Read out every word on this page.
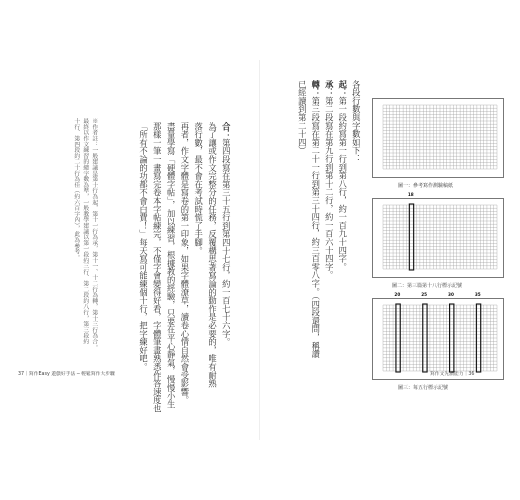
合：第四段寫在第三十五行到第四十七行，約一百七十六字。
為了讓或作文完整分的任務，反覆構思著寫論的動作是必要的，唯有耐熟
落行數，最不會在考試時慌了手腳。
再者，作文字體是寫卷的第一印象，如果字體潦草，讀卷心情自然會受影響。
盡量學寫「硬體字帖」，加以練習，根據教的經驗，只要在平心靜氣，慢慢小生
那樣一筆一畫寫完卷本字帖練完，不僅字會變得好看，字體筆畫熟悉作答速度也
「所有不論的功都不會白費！」每天寫可能練個十行，把字練好吧。
※作者註：一般建議是第十行為起，第十一行為承，第十一、十二行為轉，第十三行為合。
最終以作文練習的總字數為準，一般教學建議以第一段約三行、第二段約八行，第三段約
十行、第四段約二十行為佳（約六百字內），此為參考。
37｜寫作Easy 遊戲好手法 ─ 輕鬆寫作大步驟
各段行數與字數如下：
起：第一段約寫第一行到第八行，約一百九十四字。
承：第二段寫在第九行到第十二行，約一百六十四字。
轉：第三段寫在第二十一行到第三十四行，約三百零八字。（四段還問，稱讚
已經讀到第二十四）
圖一：參考寫作測驗稿紙
圖二：第三篇第十八行標示記號
圖三：每五行標示記號
寫作文先讀能力｜36
18
20	25	30	35
